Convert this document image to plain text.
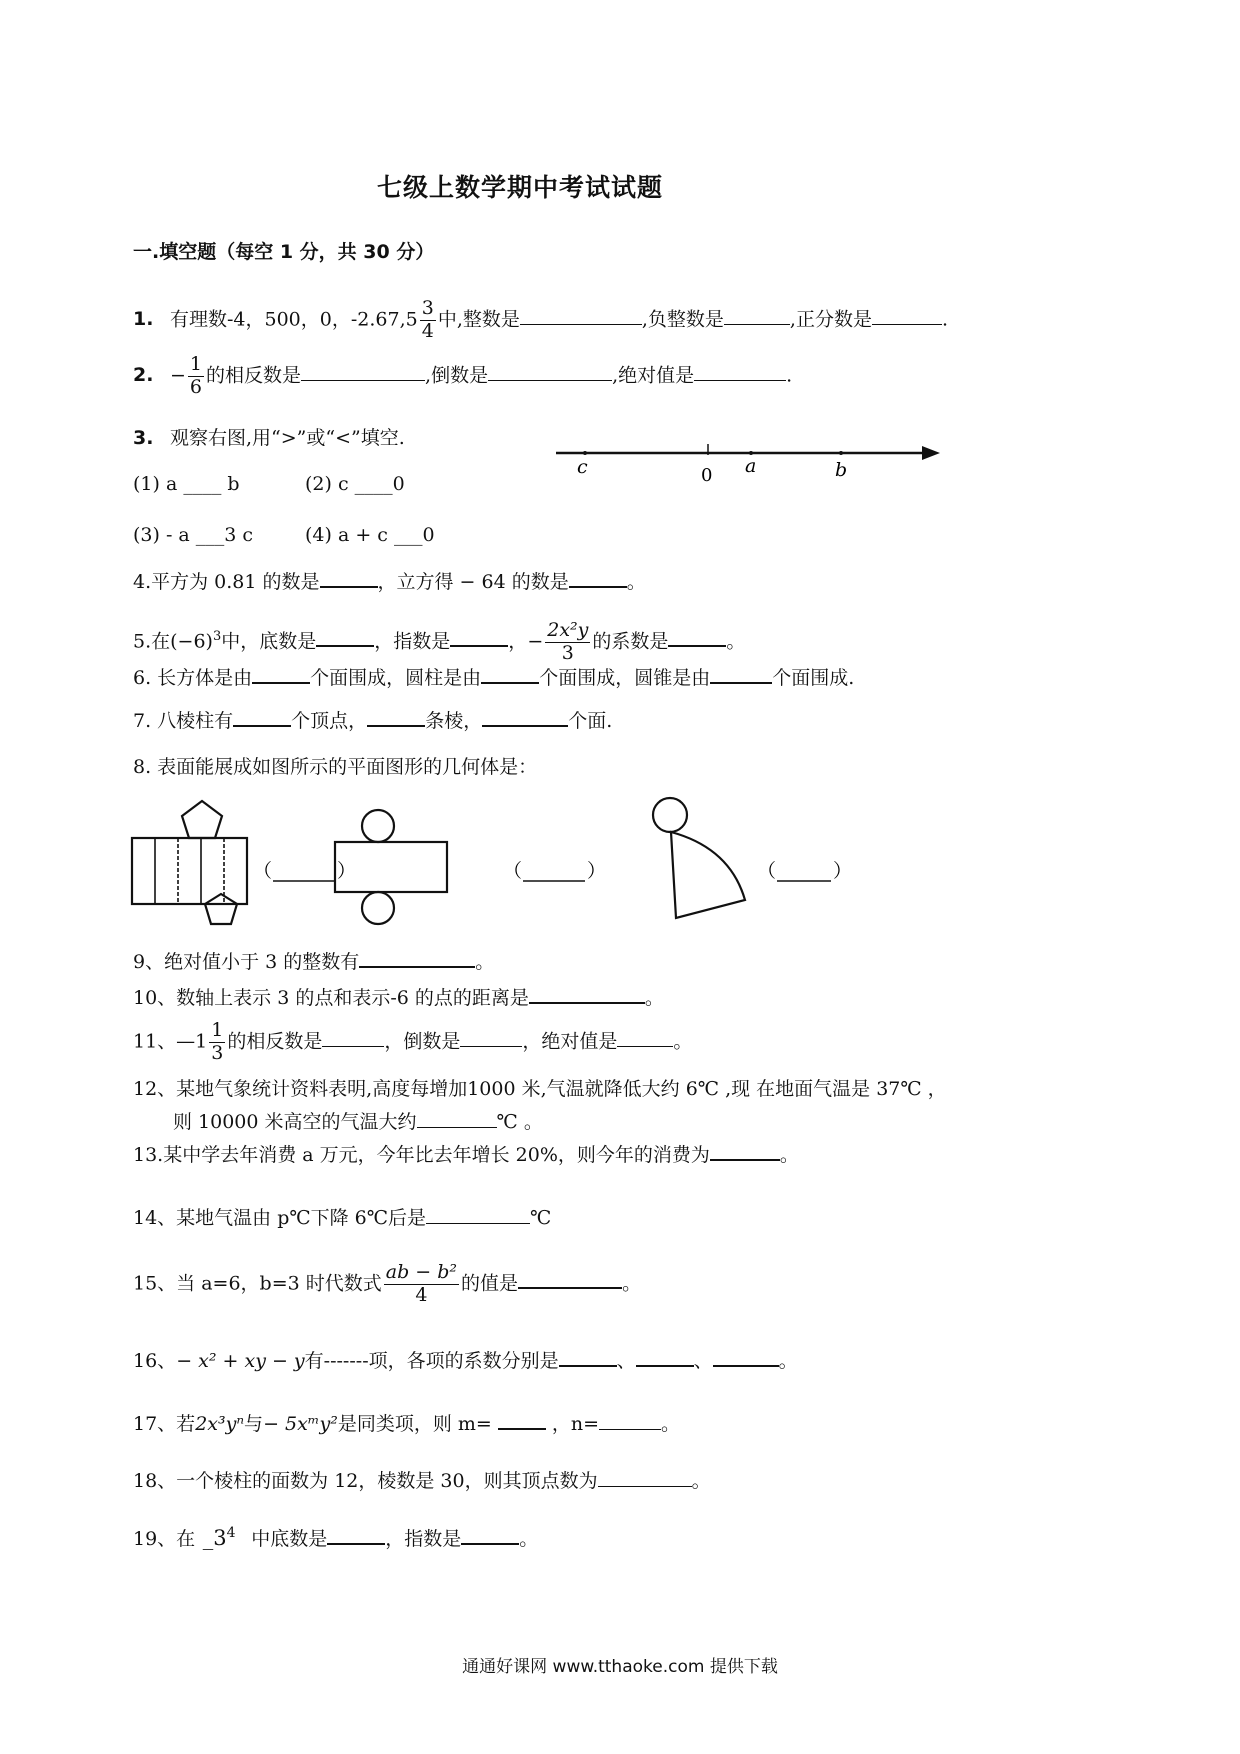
七级上数学期中考试试题
一.填空题（每空 1 分，共 30 分）
1. 有理数-4，500，0，$-2.67,5 \frac{3}{4}$ 中,整数是	,负整数是	,正分数是	.
2. − $\frac{1}{6}$ 的相反数是	,倒数是	,绝对值是	.
3. 观察右图,用“>”或“<”填空.
(1) a ____ b	(2) c ____0
(3) - a ___3 c	(4) a + c ___0
c	0 a	b
4.平方为 0.81 的数是	，立方得 − 64 的数是	。
5.在$(-6)^3$中，底数是	，指数是	，− $\frac{\text{2x²y}}{3}$ 的系数是	。
6. 长方体是由	个面围成，圆柱是由	个面围成，圆锥是由	个面围成.
7. 八棱柱有	个顶点，	条棱，	个面.
8. 表面能展成如图所示的平面图形的几何体是：
（	）	（	）	（	）
9、绝对值小于 3 的整数有	。
10、数轴上表示 3 的点和表示-6 的点的距离是	。
11、—1 $\frac{1}{3}$ 的相反数是	，倒数是	，绝对值是	。
12、某地气象统计资料表明,高度每增加1000 米,气温就降低大约 6℃ ,现 在地面气温是 37℃ ，
则 10000 米高空的气温大约	℃ 。
13.某中学去年消费 a 万元，今年比去年增长 20%，则今年的消费为	。
14、某地气温由 p℃下降 6℃后是	℃
15、当 a=6，b=3 时代数式 $\frac{\text{ab − b²}}{4}$ 的值是	。
16、− x² + xy − y有-------项，各项的系数分别是	、	、	。
17、若2x³yⁿ与− 5xᵐy²是同类项，则 m=	，n=	。
18、一个棱柱的面数为 12，棱数是 30，则其顶点数为	。
19、在 $\_3^4$ 中底数是	，指数是	。
通通好课网 www.tthaoke.com 提供下载
